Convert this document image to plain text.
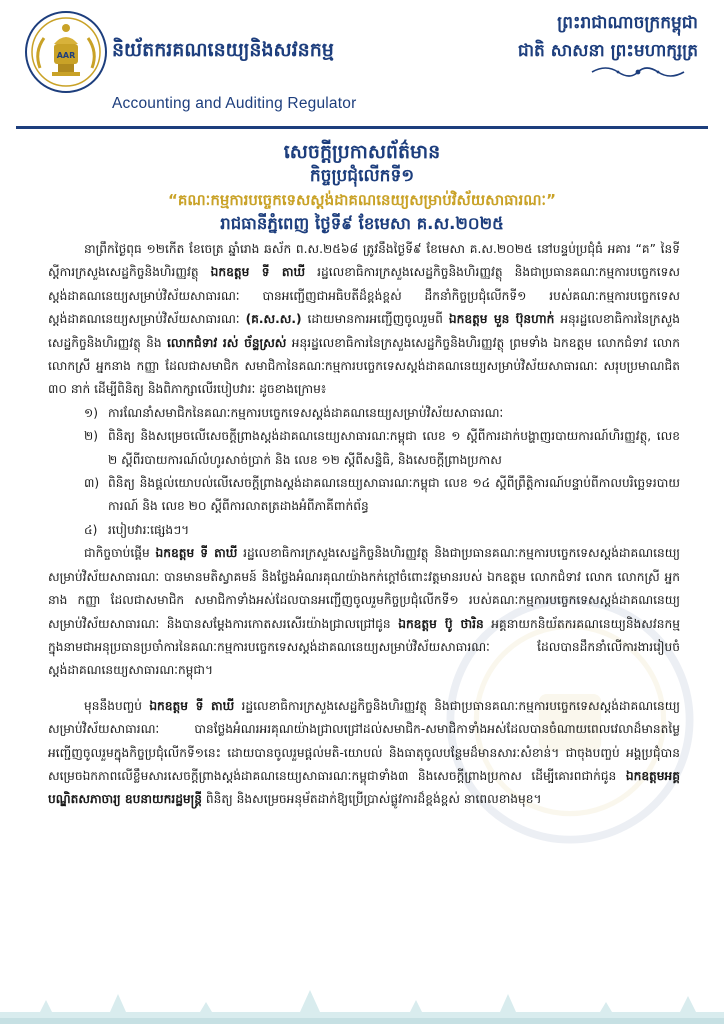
AAR និយ័តករគណនេយ្យនិងសវនកម្ម
Accounting and Auditing Regulator
ព្រះរាជាណាចក្រកម្ពុជា
ជាតិ សាសនា ព្រះមហាក្សត្រ
សេចក្ដីប្រកាសព័ត៌មាន
កិច្ចប្រជុំលើកទី១
“គណៈកម្មការបច្ចេកទេសស្តង់ដាគណនេយ្យសម្រាប់វិស័យសាធារណៈ”
រាជធានីភ្នំពេញ ថ្ងៃទី៩ ខែមេសា គ.ស.២០២៥

នាព្រឹកថ្ងៃពុធ ១២កើត ខែចេត្រ ឆ្នាំរោង ឆស័ក ព.ស.២៥៦៨ ត្រូវនឹងថ្ងៃទី៩ ខែមេសា គ.ស.២០២៥ នៅបន្ទប់ប្រជុំធំ អគារ “គ” នៃទីស្ដីការក្រសួងសេដ្ឋកិច្ចនិងហិរញ្ញវត្ថុ ឯកឧត្តម ទី តាឃី រដ្ឋលេខាធិការក្រសួងសេដ្ឋកិច្ចនិងហិរញ្ញវត្ថុ និងជាប្រធានគណៈកម្មការបច្ចេកទេសស្តង់ដាគណនេយ្យសម្រាប់វិស័យសាធារណៈ បានអញ្ជើញជាអធិបតីដ៏ខ្ពង់ខ្ពស់ ដឹកនាំកិច្ចប្រជុំលើកទី១ របស់គណៈកម្មការបច្ចេកទេសស្តង់ដាគណនេយ្យសម្រាប់វិស័យសាធារណៈ (គ.ស.ស.) ដោយមានការអញ្ជើញចូលរួមពី ឯកឧត្តម មួន ប៊ុនហាក់ អនុរដ្ឋលេខាធិការនៃក្រសួងសេដ្ឋកិច្ចនិងហិរញ្ញវត្ថុ និង លោកជំទាវ រស់ ច័ន្ទស្រស់ អនុរដ្ឋលេខាធិការនៃក្រសួងសេដ្ឋកិច្ចនិងហិរញ្ញវត្ថុ ព្រមទាំង ឯកឧត្តម លោកជំទាវ លោក លោកស្រី អ្នកនាង កញ្ញា ដែលជាសមាជិក សមាជិកានៃគណៈកម្មការបច្ចេកទេសស្តង់ដាគណនេយ្យសម្រាប់វិស័យសាធារណៈ សរុបប្រមាណជិត ៣០ នាក់ ដើម្បីពិនិត្យ និងពិភាក្សាលើរបៀបវារៈ ដូចខាងក្រោម៖

១) ការណែនាំសមាជិកនៃគណៈកម្មការបច្ចេកទេសស្តង់ដាគណនេយ្យសម្រាប់វិស័យសាធារណៈ
២) ពិនិត្យ និងសម្រេចលើសេចក្ដីព្រាងស្តង់ដាគណនេយ្យសាធារណៈកម្ពុជា លេខ ១ ស្ដីពីការដាក់បង្ហាញរបាយការណ៍ហិរញ្ញវត្ថុ, លេខ ២ ស្ដីពីរបាយការណ៍លំហូរសាច់ប្រាក់ និង លេខ ១២ ស្ដីពីសន្និធិ, និងសេចក្ដីព្រាងប្រកាស
៣) ពិនិត្យ និងផ្ដល់យោបល់លើសេចក្ដីព្រាងស្តង់ដាគណនេយ្យសាធារណៈកម្ពុជា លេខ ១៤ ស្ដីពីព្រឹត្តិការណ៍បន្ទាប់ពីកាលបរិច្ឆេទរបាយការណ៍ និង លេខ ២០ ស្ដីពីការលាតត្រដាងអំពីភាគីពាក់ព័ន្ធ
៤) របៀបវារៈផ្សេងៗ។

ជាកិច្ចចាប់ផ្ដើម ឯកឧត្តម ទី តាឃី រដ្ឋលេខាធិការក្រសួងសេដ្ឋកិច្ចនិងហិរញ្ញវត្ថុ និងជាប្រធានគណៈកម្មការបច្ចេកទេសស្តង់ដាគណនេយ្យសម្រាប់វិស័យសាធារណៈ បានមានមតិស្វាគមន៍ និងថ្លែងអំណរគុណយ៉ាងកក់ក្ដៅចំពោះវត្តមានរបស់ ឯកឧត្តម លោកជំទាវ លោក លោកស្រី អ្នកនាង កញ្ញា ដែលជាសមាជិក សមាជិកាទាំងអស់ដែលបានអញ្ជើញចូលរួមកិច្ចប្រជុំលើកទី១ របស់គណៈកម្មការបច្ចេកទេសស្តង់ដាគណនេយ្យសម្រាប់វិស័យសាធារណៈ និងបានសម្ដែងការកោតសរសើរយ៉ាងជ្រាលជ្រៅជូន ឯកឧត្តម ប៊ូ ថារិន អគ្គនាយកនិយ័តករគណនេយ្យនិងសវនកម្ម ក្នុងនាមជាអនុប្រធានប្រចាំការនៃគណៈកម្មការបច្ចេកទេសស្តង់ដាគណនេយ្យសម្រាប់វិស័យសាធារណៈ ដែលបានដឹកនាំលើការងាររៀបចំស្តង់ដាគណនេយ្យសាធារណៈកម្ពុជា។

មុននឹងបញ្ចប់ ឯកឧត្តម ទី តាឃី រដ្ឋលេខាធិការក្រសួងសេដ្ឋកិច្ចនិងហិរញ្ញវត្ថុ និងជាប្រធានគណៈកម្មការបច្ចេកទេសស្តង់ដាគណនេយ្យសម្រាប់វិស័យសាធារណៈ បានថ្លែងអំណរអរគុណយ៉ាងជ្រាលជ្រៅដល់សមាជិក-សមាជិកាទាំងអស់ដែលបានចំណាយពេលវេលាដ៏មានតម្លៃអញ្ជើញចូលរួមក្នុងកិច្ចប្រជុំលើកទី១នេះ ដោយបានចូលរួមផ្ដល់មតិ-យោបល់ និងធាតុចូលបន្ថែមដ៏មានសារៈសំខាន់។ ជាចុងបញ្ចប់ អង្គប្រជុំបានសម្រេចឯកភាពលើខ្លឹមសារសេចក្ដីព្រាងស្តង់ដាគណនេយ្យសាធារណៈកម្ពុជាទាំង៣ និងសេចក្ដីព្រាងប្រកាស ដើម្បីគោរពជាក់ជូន ឯកឧត្តមអគ្គបណ្ឌិតសភាចារ្យ ឧបនាយករដ្ឋមន្ត្រី ពិនិត្យ និងសម្រេចអនុម័តដាក់ឱ្យប្រើប្រាស់ផ្លូវការដ៏ខ្ពង់ខ្ពស់ នាពេលខាងមុខ។
